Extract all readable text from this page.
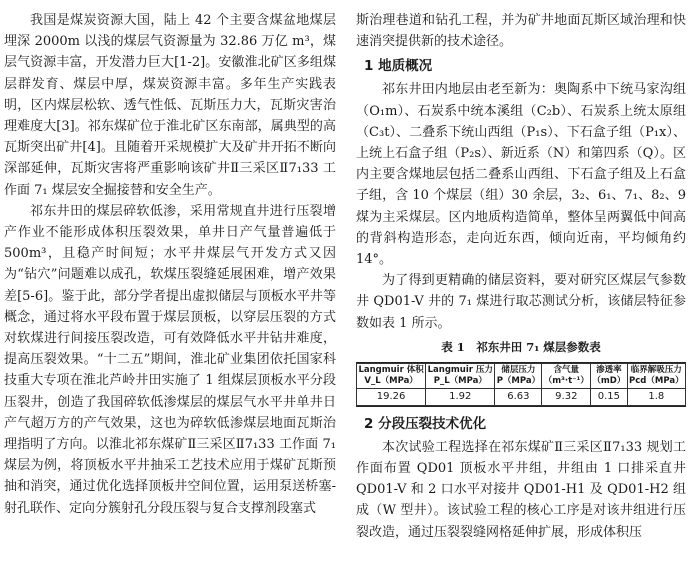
我国是煤炭资源大国，陆上 42 个主要含煤盆地煤层埋深 2000m 以浅的煤层气资源量为 32.86 万亿 m³，煤层气资源丰富，开发潜力巨大[1-2]。安徽淮北矿区多组煤层群发育、煤层中厚，煤炭资源丰富。多年生产实践表明，区内煤层松软、透气性低、瓦斯压力大，瓦斯灾害治理难度大[3]。祁东煤矿位于淮北矿区东南部，属典型的高瓦斯突出矿井[4]。且随着开采规模扩大及矿井开拓不断向深部延伸，瓦斯灾害将严重影响该矿井Ⅱ三采区Ⅱ7₁33 工作面 7₁ 煤层安全掘接替和安全生产。

祁东井田的煤层碎软低渗，采用常规直井进行压裂增产作业不能形成体积压裂效果，单井日产气量普遍低于 500m³，且稳产时间短；水平井煤层气开发方式又因为“钻穴”问题难以成孔，软煤压裂缝延展困难，增产效果差[5-6]。鉴于此，部分学者提出虚拟储层与顶板水平井等概念，通过将水平段布置于煤层顶板，以穿层压裂的方式对软煤进行间接压裂改造，可有效降低水平井钻井难度，提高压裂效果。“十二五”期间，淮北矿业集团依托国家科技重大专项在淮北芦岭井田实施了 1 组煤层顶板水平分段压裂井，创造了我国碎软低渗煤层的煤层气水平井单井日产气超万方的产气效果，这也为碎软低渗煤层地面瓦斯治理指明了方向。以淮北祁东煤矿Ⅱ三采区Ⅱ7₁33 工作面 7₁ 煤层为例，将顶板水平井抽采工艺技术应用于煤矿瓦斯预抽和消突，通过优化选择顶板井空间位置，运用泵送桥塞-射孔联作、定向分簇射孔分段压裂与复合支撑剂段塞式

斯治理巷道和钻孔工程，并为矿井地面瓦斯区域治理和快速消突提供新的技术途径。

1 地质概况

祁东井田内地层由老至新为：奥陶系中下统马家沟组（O₁m）、石炭系中统本溪组（C₂b）、石炭系上统太原组（C₃t）、二叠系下统山西组（P₁s）、下石盒子组（P₁x）、上统上石盒子组（P₂s）、新近系（N）和第四系（Q）。区内主要含煤地层包括二叠系山西组、下石盒子组及上石盒子组，含 10 个煤层（组）30 余层，3₂、6₁、7₁、8₂、9 煤为主采煤层。区内地质构造简单，整体呈两翼低中间高的背斜构造形态，走向近东西，倾向近南，平均倾角约 14°。

为了得到更精确的储层资料，要对研究区煤层气参数井 QD01-V 井的 7₁ 煤进行取芯测试分析，该储层特征参数如表 1 所示。

表 1　祁东井田 7₁ 煤层参数表
Langmuir 体积
V_L（MPa）	Langmuir 压力
P_L（MPa）	储层压力
P（MPa）	含气量
（m³·t⁻¹）	渗透率
（mD）	临界解吸压力
Pcd（MPa）
19.26	1.92	6.63	9.32	0.15	1.8
2 分段压裂技术优化

本次试验工程选择在祁东煤矿Ⅱ三采区Ⅱ7₁33 规划工作面布置 QD01 顶板水平井组，井组由 1 口排采直井 QD01-V 和 2 口水平对接井 QD01-H1 及 QD01-H2 组成（W 型井）。该试验工程的核心工序是对该井组进行压裂改造，通过压裂裂缝网格延伸扩展，形成体积压
